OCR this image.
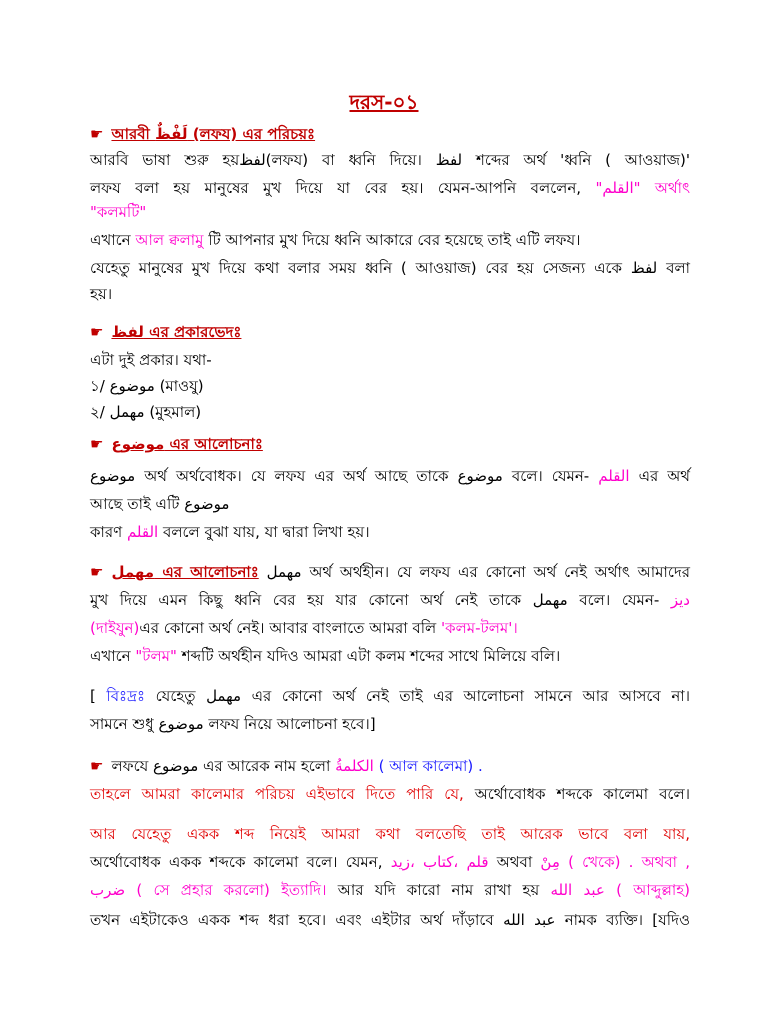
দরস-০১
☛ আরবী لَفْظٌ (লফয) এর পরিচয়ঃ
আরবি ভাষা শুরু হয়لفظ(লফয) বা ধ্বনি দিয়ে। لفظ শব্দের অর্থ 'ধ্বনি ( আওয়াজ)'
লফয বলা হয় মানুষের মুখ দিয়ে যা বের হয়। যেমন-আপনি বললেন, "القلم" অর্থাৎ
"কলমটি"
এখানে আল ক্বলামু টি আপনার মুখ দিয়ে ধ্বনি আকারে বের হয়েছে তাই এটি লফয।
যেহেতু মানুষের মুখ দিয়ে কথা বলার সময় ধ্বনি ( আওয়াজ) বের হয় সেজন্য একে لفظ বলা
হয়।
☛ لفظ এর প্রকারভেদঃ
এটা দুই প্রকার। যথা-
১/ موضوع (মাওযু)
২/ مهمل (মুহমাল)
☛ موضوع এর আলোচনাঃ
موضوع অর্থ অর্থবোধক। যে লফয এর অর্থ আছে তাকে موضوع বলে। যেমন- القلم এর অর্থ
আছে তাই এটি موضوع
কারণ القلم বললে বুঝা যায়, যা দ্বারা লিখা হয়।
☛ مهمل এর আলোচনাঃ مهمل অর্থ অর্থহীন। যে লফয এর কোনো অর্থ নেই অর্থাৎ আমাদের
মুখ দিয়ে এমন কিছু ধ্বনি বের হয় যার কোনো অর্থ নেই তাকে مهمل বলে। যেমন- ديز
(দাইযুন)এর কোনো অর্থ নেই। আবার বাংলাতে আমরা বলি 'কলম-টলম'।
এখানে "টলম" শব্দটি অর্থহীন যদিও আমরা এটা কলম শব্দের সাথে মিলিয়ে বলি।
[ বিঃদ্রঃ যেহেতু مهمل এর কোনো অর্থ নেই তাই এর আলোচনা সামনে আর আসবে না।
সামনে শুধু موضوع লফয নিয়ে আলোচনা হবে।]
☛ লফযে موضوع এর আরেক নাম হলো الكلمةُ ( আল কালেমা) .
তাহলে আমরা কালেমার পরিচয় এইভাবে দিতে পারি যে, অর্থোবোধক শব্দকে কালেমা বলে।
আর যেহেতু একক শব্দ নিয়েই আমরা কথা বলতেছি তাই আরেক ভাবে বলা যায়,
অর্থোবোধক একক শব্দকে কালেমা বলে। যেমন, قلم ،كتاب ،زيد অথবা مِنْ ( খেকে) . অথবা ,
ضرب ( সে প্রহার করলো) ইত্যাদি। আর যদি কারো নাম রাখা হয় عبد الله ( আব্দুল্লাহ)
তখন এইটাকেও একক শব্দ ধরা হবে। এবং এইটার অর্থ দাঁড়াবে عبد الله নামক ব্যক্তি। [যদিও
